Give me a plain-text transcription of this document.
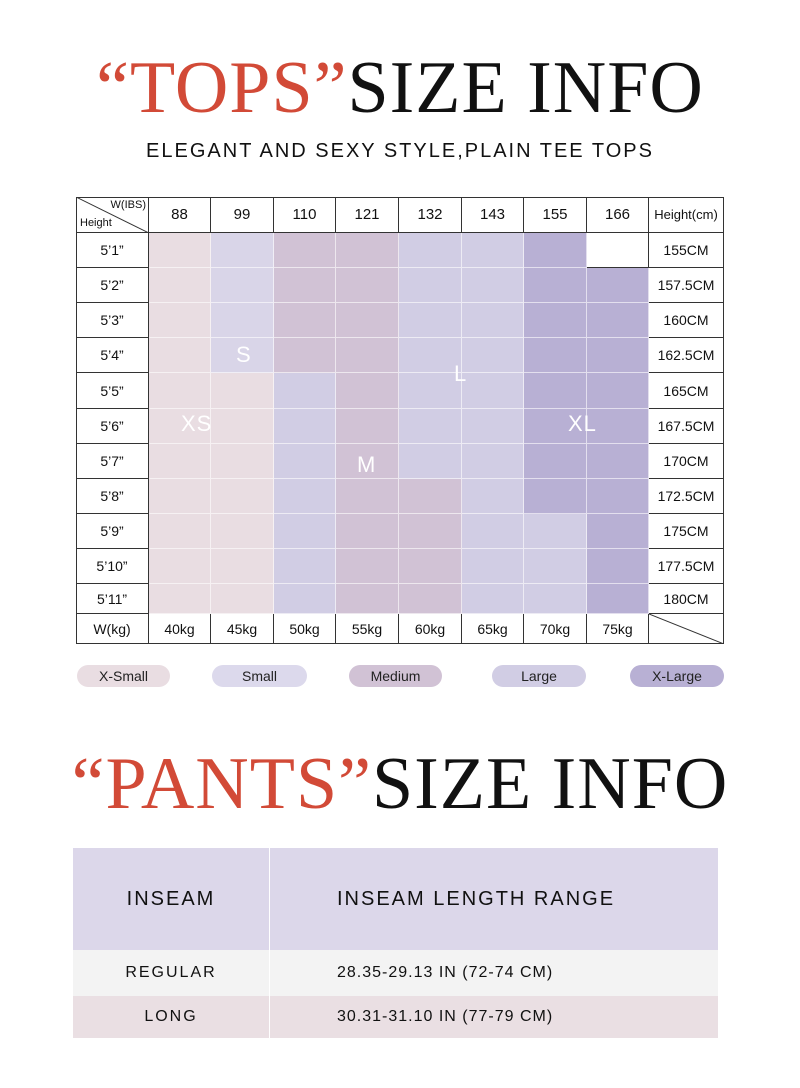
“TOPS”SIZE INFO
ELEGANT AND SEXY STYLE,PLAIN TEE TOPS
W(IBS)
Height	88	99	110	121	132	143	155	166	Height(cm)
5’1”	155CM
5’2”	157.5CM
5’3”	160CM
5’4”	162.5CM
5’5”	165CM
5’6”	167.5CM
5’7”	170CM
5’8”	172.5CM
5’9”	175CM
5’10”	177.5CM
5’11”	180CM
W(kg)	40kg	45kg	50kg	55kg	60kg	65kg	70kg	75kg
XS
S
L
XL
M
X-Small	Small	Medium	Large	X-Large
“PANTS”SIZE INFO
INSEAM	INSEAM LENGTH RANGE
REGULAR	28.35-29.13 IN (72-74 CM)
LONG	30.31-31.10 IN (77-79 CM)
